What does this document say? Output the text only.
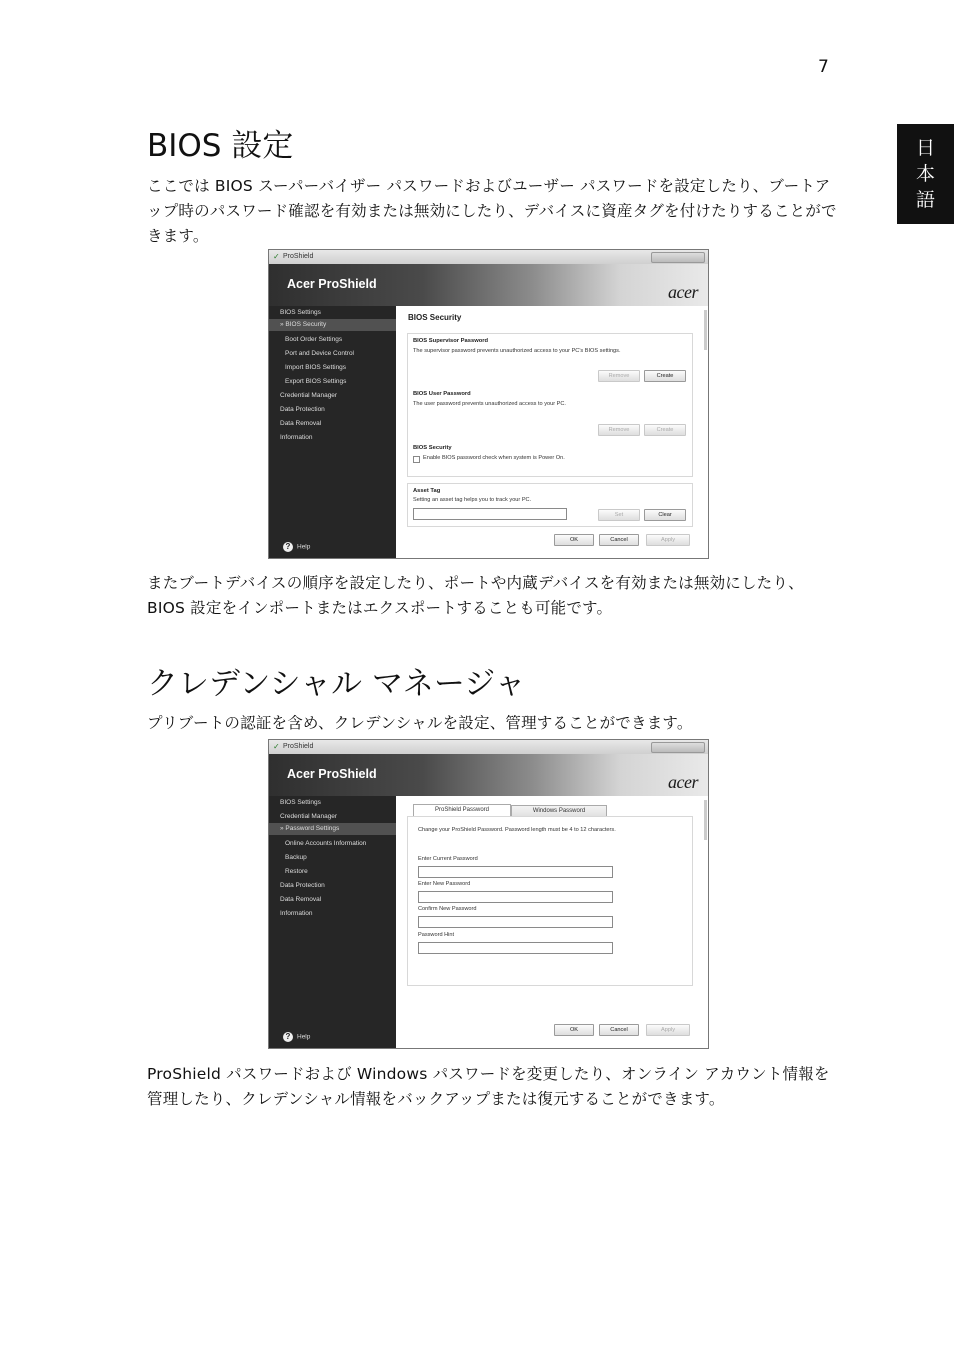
7
日
本
語
BIOS 設定

ここでは BIOS スーパーバイザー パスワードおよびユーザー パスワードを設定したり、ブートアップ時のパスワード確認を有効または無効にしたり、デバイスに資産タグを付けたりすることができます。

✓ ProShield
Acer ProShield	acer
BIOS Settings
» BIOS Security
Boot Order Settings
Port and Device Control
Import BIOS Settings
Export BIOS Settings
Credential Manager
Data Protection
Data Removal
Information
? Help
BIOS Security
BIOS Supervisor Password
The supervisor password prevents unauthorized access to your PC's BIOS settings.
Remove	Create
BIOS User Password
The user password prevents unauthorized access to your PC.
Remove	Create
BIOS Security
Enable BIOS password check when system is Power On.
Asset Tag
Setting an asset tag helps you to track your PC.
Set	Clear
OK	Cancel	Apply

またブートデバイスの順序を設定したり、ポートや内蔵デバイスを有効または無効にしたり、BIOS 設定をインポートまたはエクスポートすることも可能です。

クレデンシャル マネージャ

プリブートの認証を含め、クレデンシャルを設定、管理することができます。

✓ ProShield
Acer ProShield	acer
BIOS Settings
Credential Manager
» Password Settings
Online Accounts Information
Backup
Restore
Data Protection
Data Removal
Information
? Help
ProShield Password	Windows Password
Change your ProShield Password. Password length must be 4 to 12 characters.
Enter Current Password
Enter New Password
Confirm New Password
Password Hint
OK	Cancel	Apply

ProShield パスワードおよび Windows パスワードを変更したり、オンライン アカウント情報を管理したり、クレデンシャル情報をバックアップまたは復元することができます。
